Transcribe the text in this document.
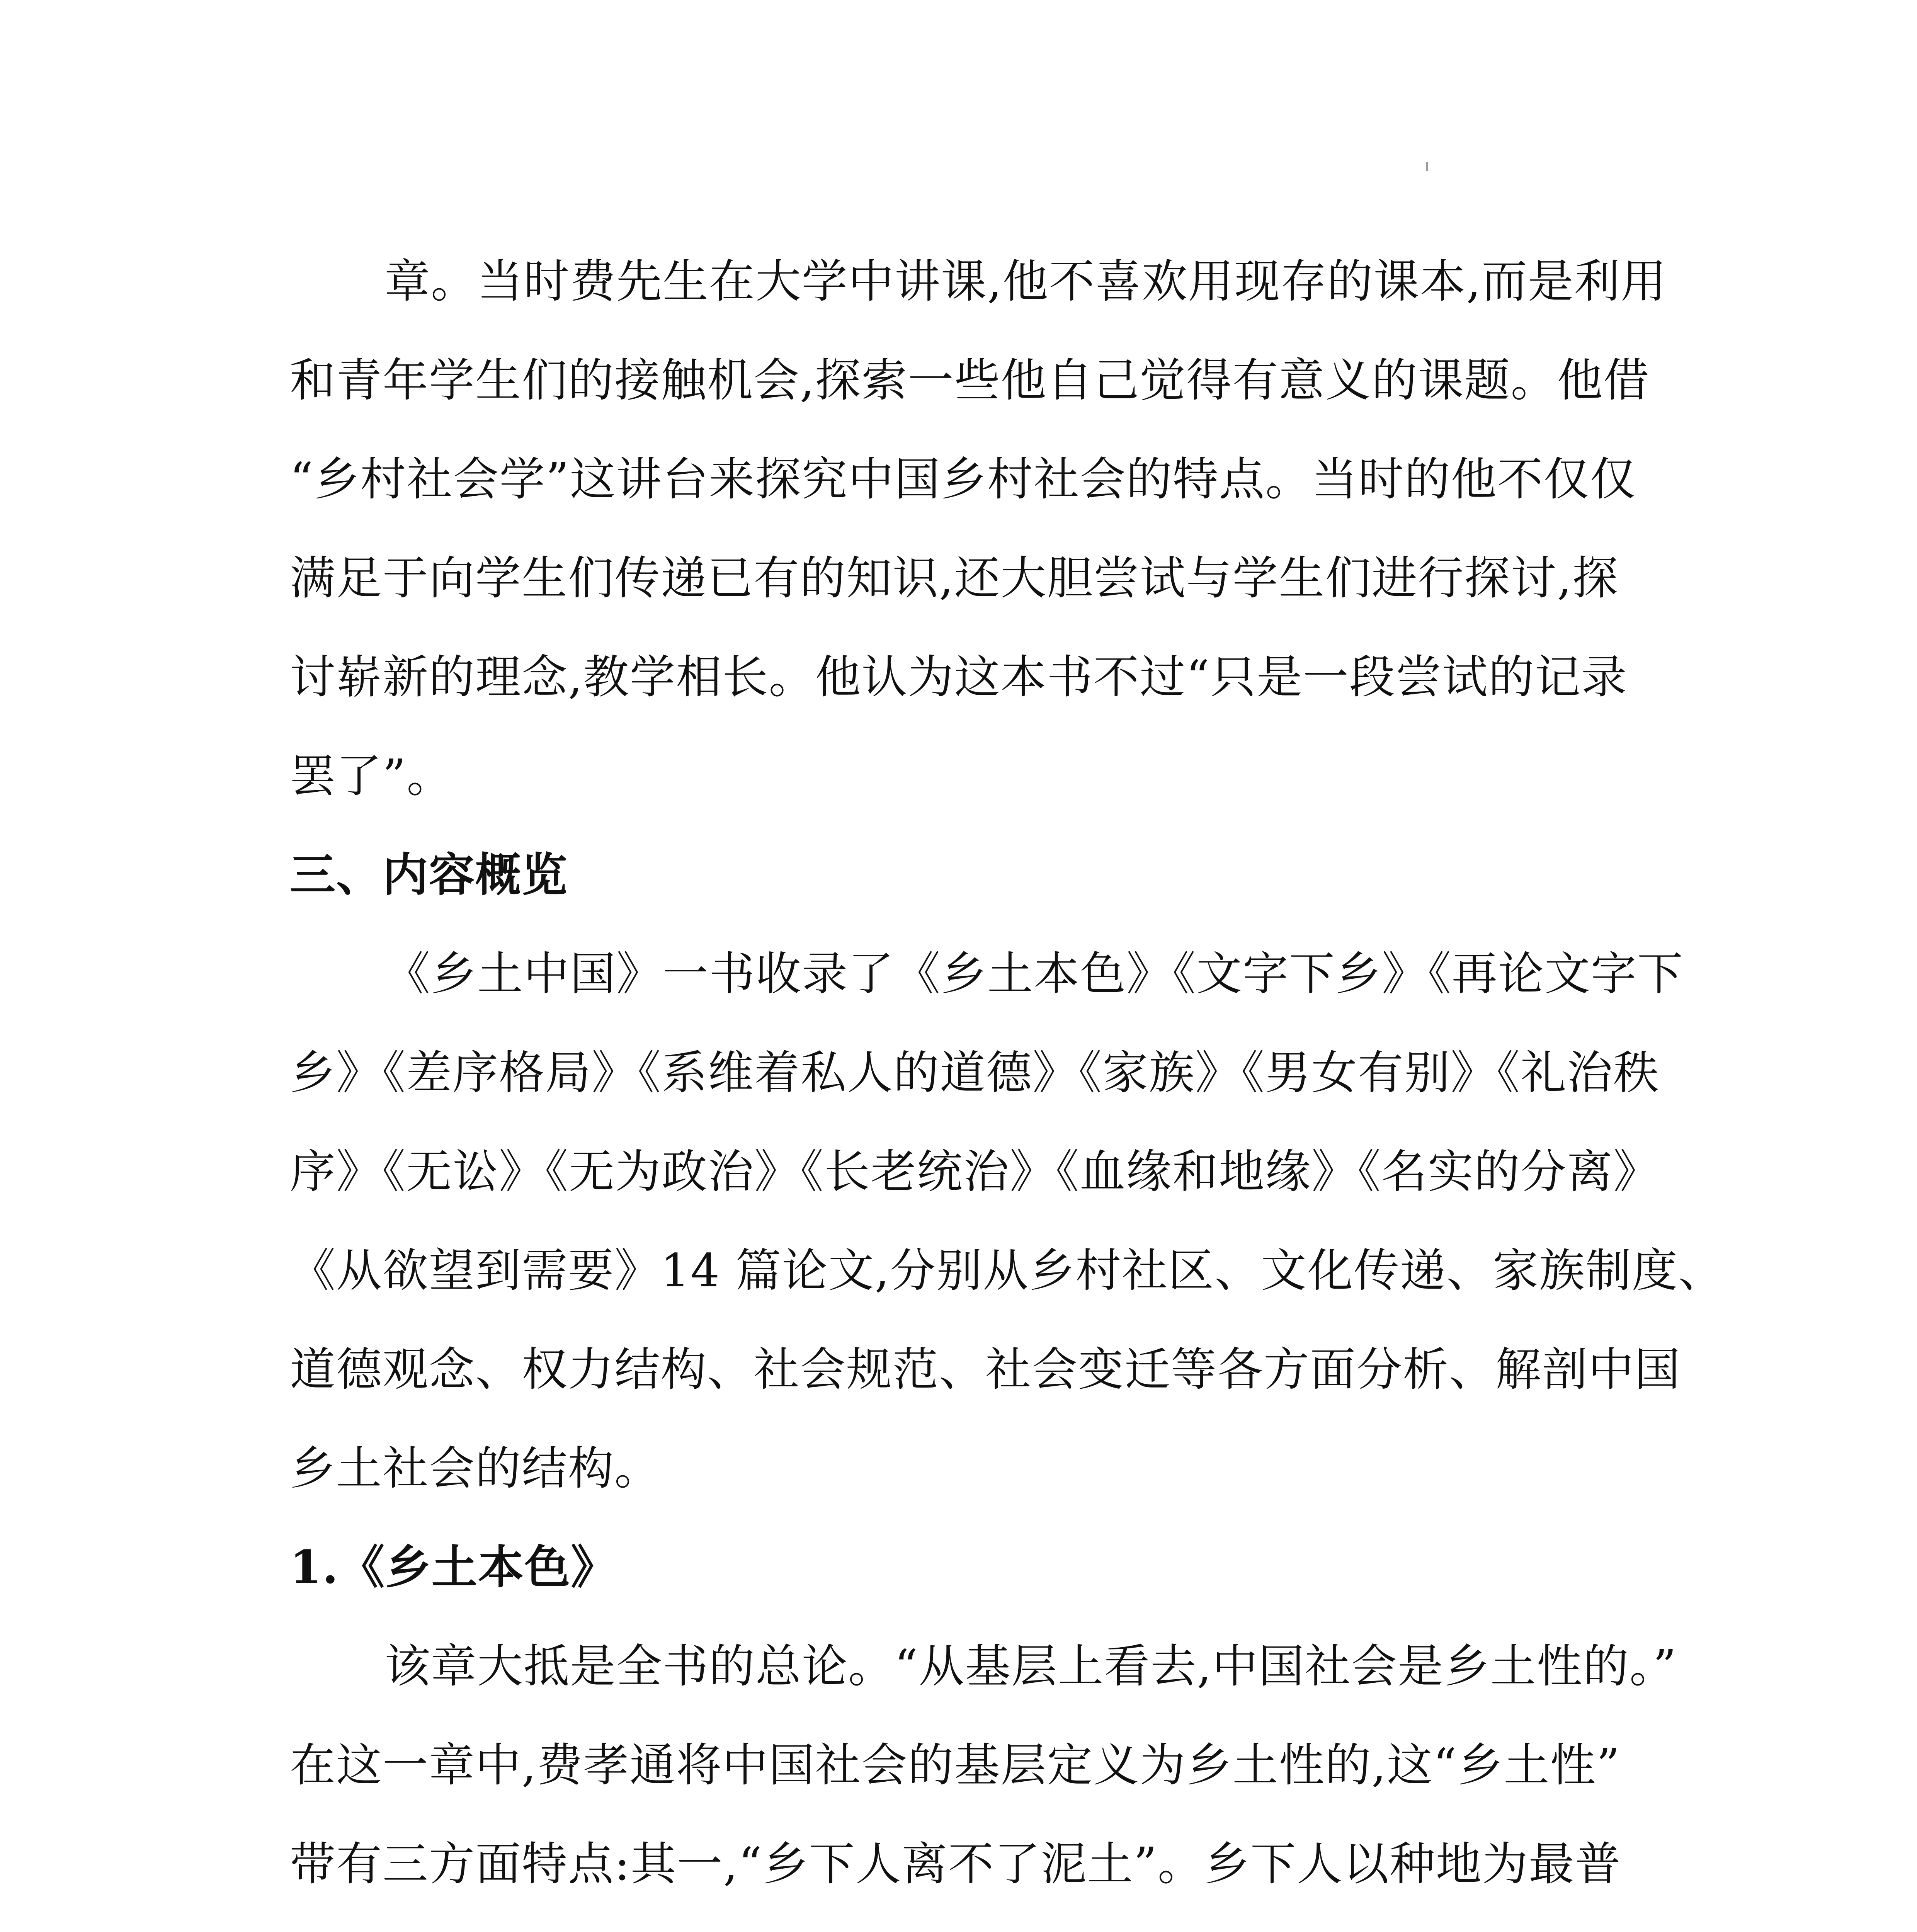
章。当时费先生在大学中讲课,他不喜欢用现存的课本,而是利用
和青年学生们的接触机会,探索一些他自己觉得有意义的课题。他借
“乡村社会学”这讲台来探究中国乡村社会的特点。当时的他不仅仅
满足于向学生们传递已有的知识,还大胆尝试与学生们进行探讨,探
讨崭新的理念,教学相长。他认为这本书不过“只是一段尝试的记录
罢了”。
三、内容概览
《乡土中国》一书收录了《乡土本色》《文字下乡》《再论文字下
乡》《差序格局》《系维着私人的道德》《家族》《男女有别》《礼治秩
序》《无讼》《无为政治》《长老统治》《血缘和地缘》《名实的分离》
《从欲望到需要》14 篇论文,分别从乡村社区、文化传递、家族制度、
道德观念、权力结构、社会规范、社会变迁等各方面分析、解剖中国
乡土社会的结构。
1.《乡土本色》
该章大抵是全书的总论。“从基层上看去,中国社会是乡土性的。”
在这一章中,费孝通将中国社会的基层定义为乡土性的,这“乡土性”
带有三方面特点:其一,“乡下人离不了泥土”。乡下人以种地为最普
